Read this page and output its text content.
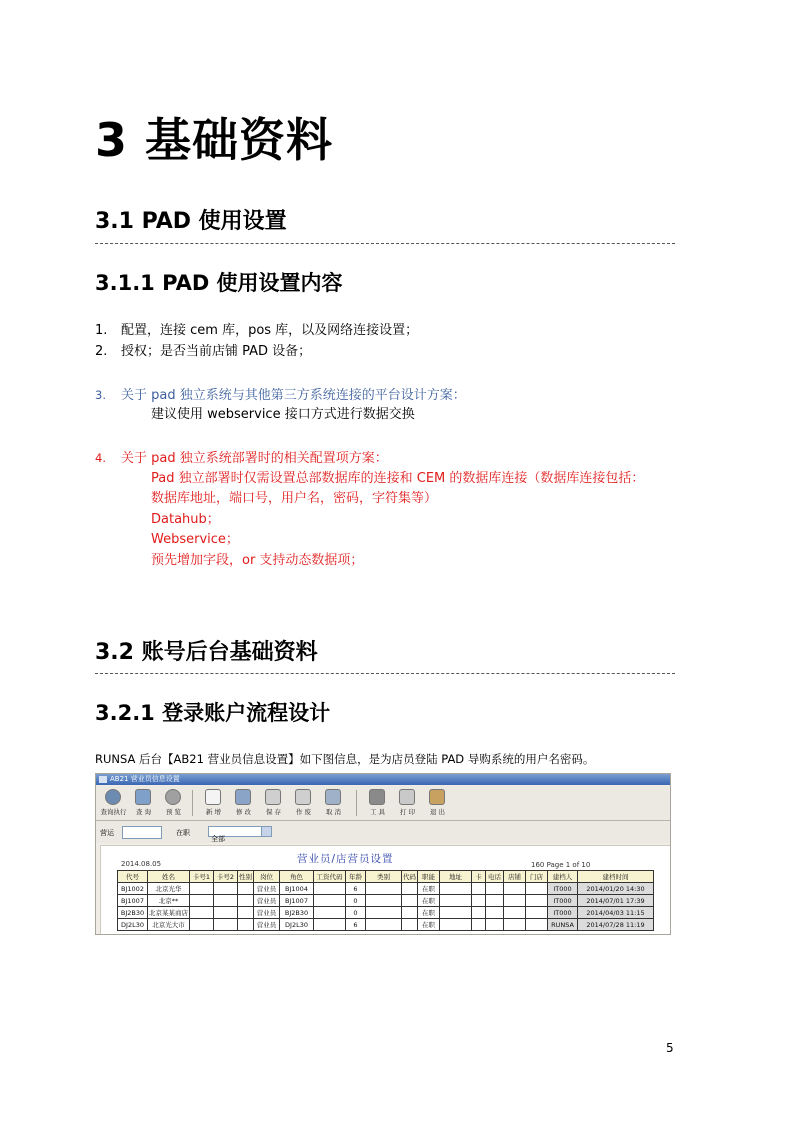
3 基础资料
3.1 PAD 使用设置
3.1.1 PAD 使用设置内容
1. 配置，连接 cem 库，pos 库，以及网络连接设置；
2. 授权；是否当前店铺 PAD 设备；
3. 关于 pad 独立系统与其他第三方系统连接的平台设计方案：
建议使用 webservice 接口方式进行数据交换
4. 关于 pad 独立系统部署时的相关配置项方案：
Pad 独立部署时仅需设置总部数据库的连接和 CEM 的数据库连接（数据库连接包括：
数据库地址，端口号，用户名，密码，字符集等）
Datahub；
Webservice；
预先增加字段，or 支持动态数据项；
3.2 账号后台基础资料
3.2.1 登录账户流程设计
RUNSA 后台【AB21 营业员信息设置】如下图信息，是为店员登陆 PAD 导购系统的用户名密码。
AB21 营业员信息设置
查询执行	查 询	预 览	新 增	修 改	保 存	作 废	取 消	工 具	打 印	退 出
营运	在职
全部
2014.08.05	营业员/店营员设置	160 Page 1 of 10
代号	姓名	卡号1	卡号2	性别	岗位	角色	工资代码	年龄	类别	代码	职能	地址	卡	电话	店铺	门店	建档人	建档时间
BJ1002	北京光华				营业员	BJ1004		6			在职						IT000	2014/01/20 14:30
BJ1007	北京**				营业员	BJ1007		0			在职						IT000	2014/07/01 17:39
BJ2B30	北京某某商店				营业员	BJ2B30		0			在职						IT000	2014/04/03 11:15
DJ2L30	北京光大市				营业员	DJ2L30		6			在职						RUNSA	2014/07/28 11:19
5
